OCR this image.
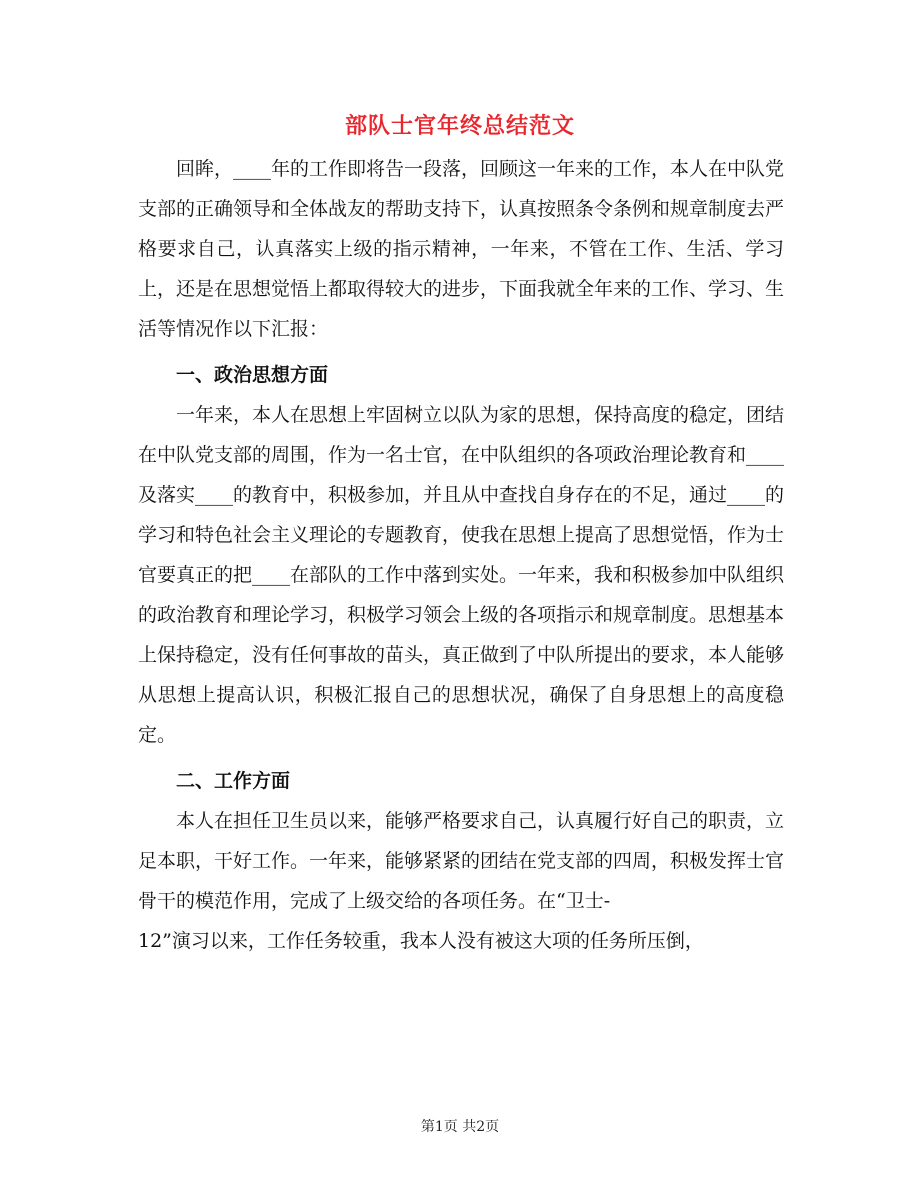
部队士官年终总结范文

回眸，____年的工作即将告一段落，回顾这一年来的工作，本人在中队党支部的正确领导和全体战友的帮助支持下，认真按照条令条例和规章制度去严格要求自己，认真落实上级的指示精神，一年来，不管在工作、生活、学习上，还是在思想觉悟上都取得较大的进步，下面我就全年来的工作、学习、生活等情况作以下汇报：

一、政治思想方面

一年来，本人在思想上牢固树立以队为家的思想，保持高度的稳定，团结在中队党支部的周围，作为一名士官，在中队组织的各项政治理论教育和____及落实____的教育中，积极参加，并且从中查找自身存在的不足，通过____的学习和特色社会主义理论的专题教育，使我在思想上提高了思想觉悟，作为士官要真正的把____在部队的工作中落到实处。一年来，我和积极参加中队组织的政治教育和理论学习，积极学习领会上级的各项指示和规章制度。思想基本上保持稳定，没有任何事故的苗头，真正做到了中队所提出的要求，本人能够从思想上提高认识，积极汇报自己的思想状况，确保了自身思想上的高度稳定。

二、工作方面

本人在担任卫生员以来，能够严格要求自己，认真履行好自己的职责，立足本职，干好工作。一年来，能够紧紧的团结在党支部的四周，积极发挥士官骨干的模范作用，完成了上级交给的各项任务。在“卫士-

12”演习以来，工作任务较重，我本人没有被这大项的任务所压倒，

第1页 共2页
